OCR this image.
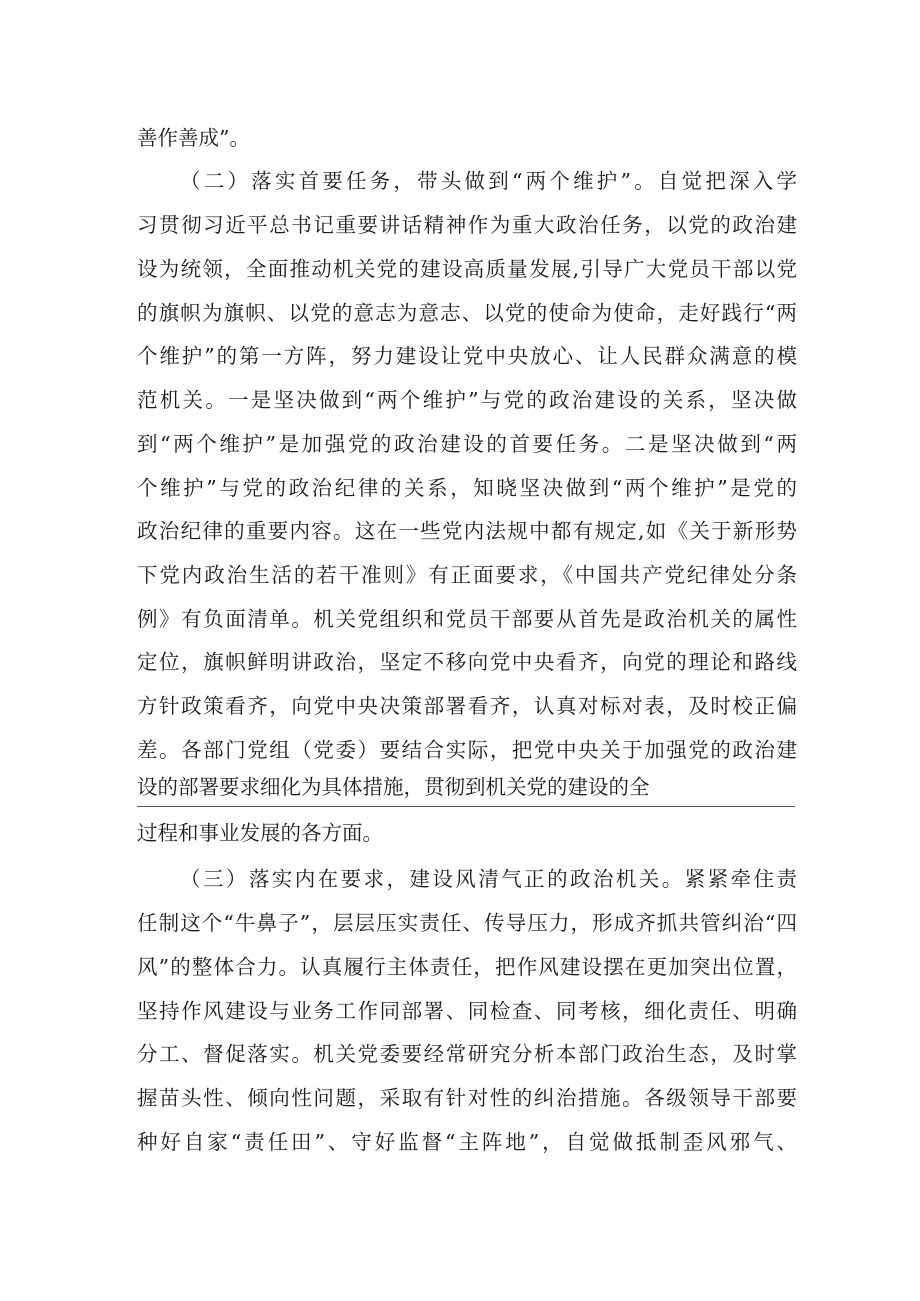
善作善成”。
（二）落实首要任务，带头做到“两个维护”。自觉把深入学
习贯彻习近平总书记重要讲话精神作为重大政治任务，以党的政治建
设为统领，全面推动机关党的建设高质量发展,引导广大党员干部以党
的旗帜为旗帜、以党的意志为意志、以党的使命为使命，走好践行“两
个维护”的第一方阵，努力建设让党中央放心、让人民群众满意的模
范机关。一是坚决做到“两个维护”与党的政治建设的关系，坚决做
到“两个维护”是加强党的政治建设的首要任务。二是坚决做到“两
个维护”与党的政治纪律的关系，知晓坚决做到“两个维护”是党的
政治纪律的重要内容。这在一些党内法规中都有规定,如《关于新形势
下党内政治生活的若干准则》有正面要求，《中国共产党纪律处分条
例》有负面清单。机关党组织和党员干部要从首先是政治机关的属性
定位，旗帜鲜明讲政治，坚定不移向党中央看齐，向党的理论和路线
方针政策看齐，向党中央决策部署看齐，认真对标对表，及时校正偏
差。各部门党组（党委）要结合实际，把党中央关于加强党的政治建
设的部署要求细化为具体措施，贯彻到机关党的建设的全
过程和事业发展的各方面。
（三）落实内在要求，建设风清气正的政治机关。紧紧牵住责
任制这个“牛鼻子”，层层压实责任、传导压力，形成齐抓共管纠治“四
风”的整体合力。认真履行主体责任，把作风建设摆在更加突出位置，
坚持作风建设与业务工作同部署、同检查、同考核，细化责任、明确
分工、督促落实。机关党委要经常研究分析本部门政治生态，及时掌
握苗头性、倾向性问题，采取有针对性的纠治措施。各级领导干部要
种好自家“责任田”、守好监督“主阵地”，自觉做抵制歪风邪气、
